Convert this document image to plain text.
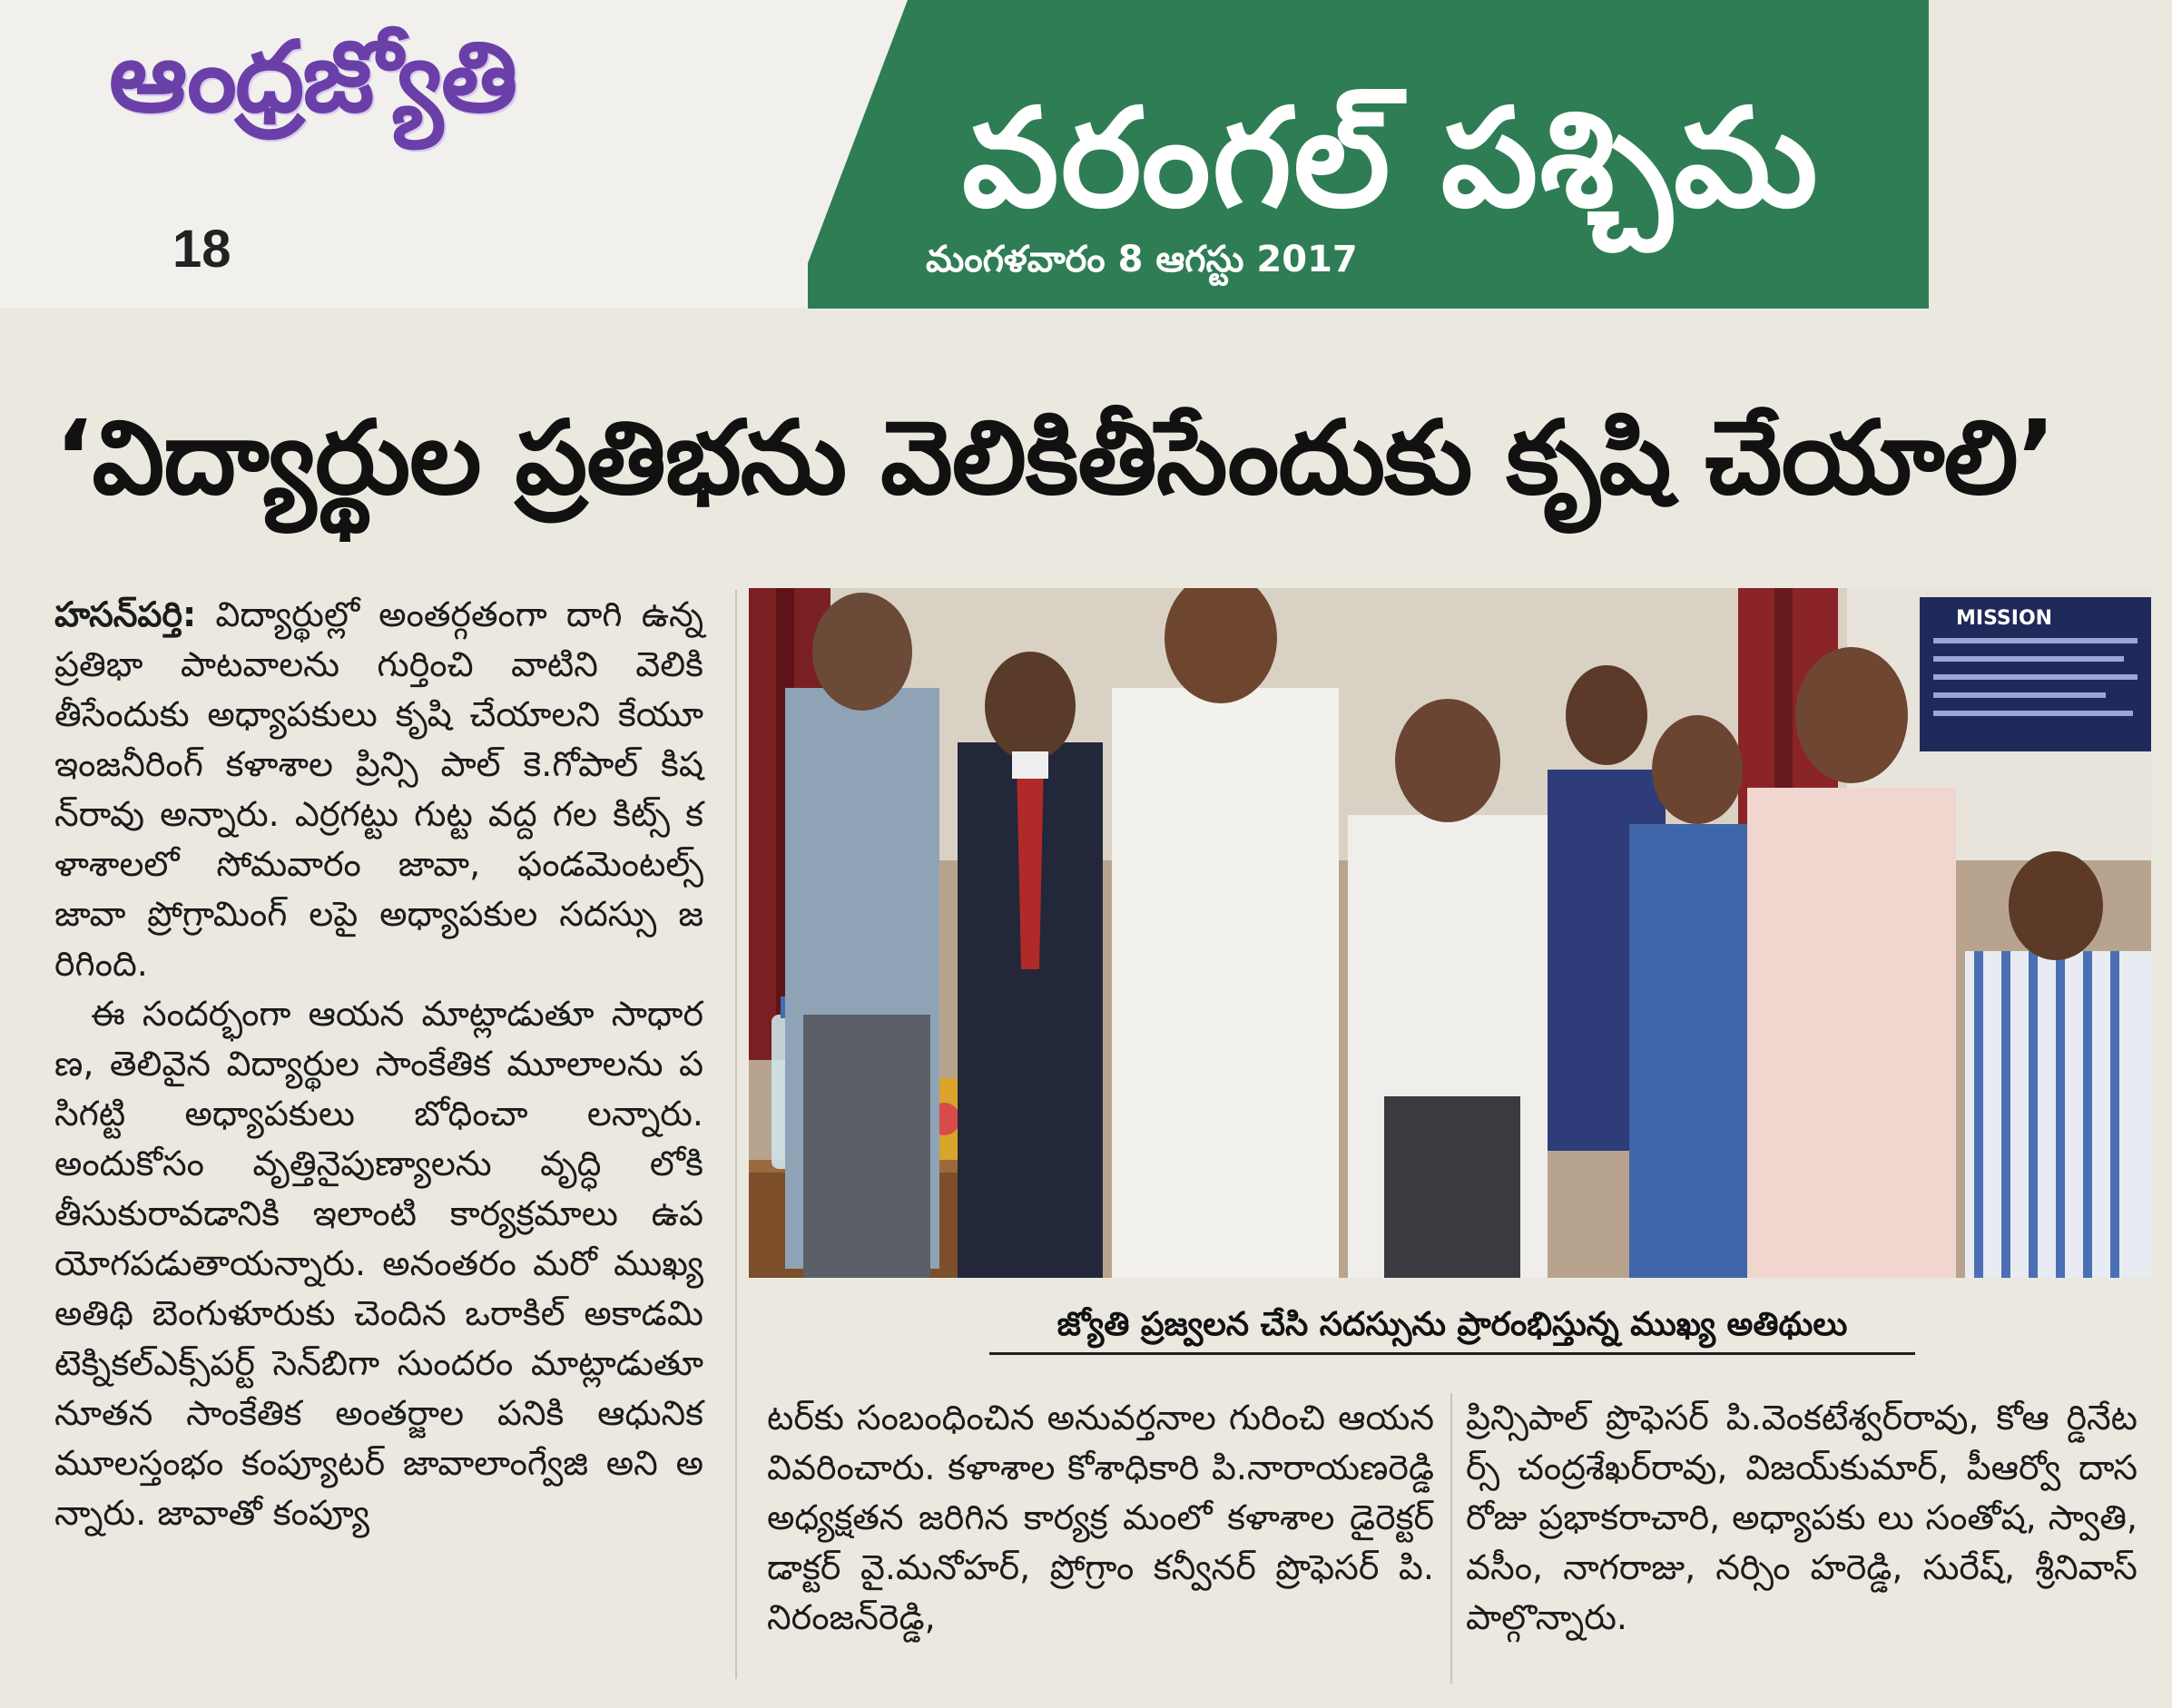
ఆంధ్రజ్యోతి
18
వరంగల్ పశ్చిమ
మంగళవారం 8 ఆగస్టు 2017
‘విద్యార్థుల ప్రతిభను వెలికితీసేందుకు కృషి చేయాలి’
హసన్‌పర్తి: విద్యార్థుల్లో అంతర్గతంగా దాగి ఉన్న ప్రతిభా పాటవాలను గుర్తించి వాటిని వెలికి తీసేందుకు అధ్యాపకులు కృషి చేయాలని కేయూ ఇంజనీరింగ్ కళాశాల ప్రిన్సి పాల్ కె.గోపాల్ కిషన్‌రావు అన్నారు. ఎర్రగట్టు గుట్ట వద్ద గల కిట్స్ కళాశాలలో సోమవారం జావా, ఫండమెంటల్స్ జావా ప్రోగ్రామింగ్ లపై అధ్యాపకుల సదస్సు జరిగింది.
ఈ సందర్భంగా ఆయన మాట్లాడుతూ సాధారణ, తెలివైన విద్యార్థుల సాంకేతిక మూలాలను పసిగట్టి అధ్యాపకులు బోధించా లన్నారు. అందుకోసం వృత్తినైపుణ్యాలను వృద్ధి లోకి తీసుకురావడానికి ఇలాంటి కార్యక్రమాలు ఉపయోగపడుతాయన్నారు. అనంతరం మరో ముఖ్య అతిథి బెంగుళూరుకు చెందిన ఒరాకిల్ అకాడమి టెక్నికల్‌ఎక్స్‌పర్ట్ సెన్‌బిగా సుందరం మాట్లాడుతూ నూతన సాంకేతిక అంతర్జాల పనికి ఆధునిక మూలస్తంభం కంప్యూటర్ జావాలాంగ్వేజి అని అన్నారు. జావాతో కంప్యూ
MISSION
జ్యోతి ప్రజ్వలన చేసి సదస్సును ప్రారంభిస్తున్న ముఖ్య అతిథులు
టర్‌కు సంబంధించిన అనువర్తనాల గురించి ఆయన వివరించారు. కళాశాల కోశాధికారి పి.నారాయణరెడ్డి అధ్యక్షతన జరిగిన కార్యక్ర మంలో కళాశాల డైరెక్టర్ డాక్టర్ వై.మనోహర్, ప్రోగ్రాం కన్వీనర్ ప్రొఫెసర్ పి.నిరంజన్‌రెడ్డి,
ప్రిన్సిపాల్ ప్రొఫెసర్ పి.వెంకటేశ్వర్‌రావు, కోఆ ర్డినేటర్స్ చంద్రశేఖర్‌రావు, విజయ్‌కుమార్, పీఆర్వో దాసరోజు ప్రభాకరాచారి, అధ్యాపకు లు సంతోష, స్వాతి, వసీం, నాగరాజు, నర్సిం హరెడ్డి, సురేష్, శ్రీనివాస్ పాల్గొన్నారు.
